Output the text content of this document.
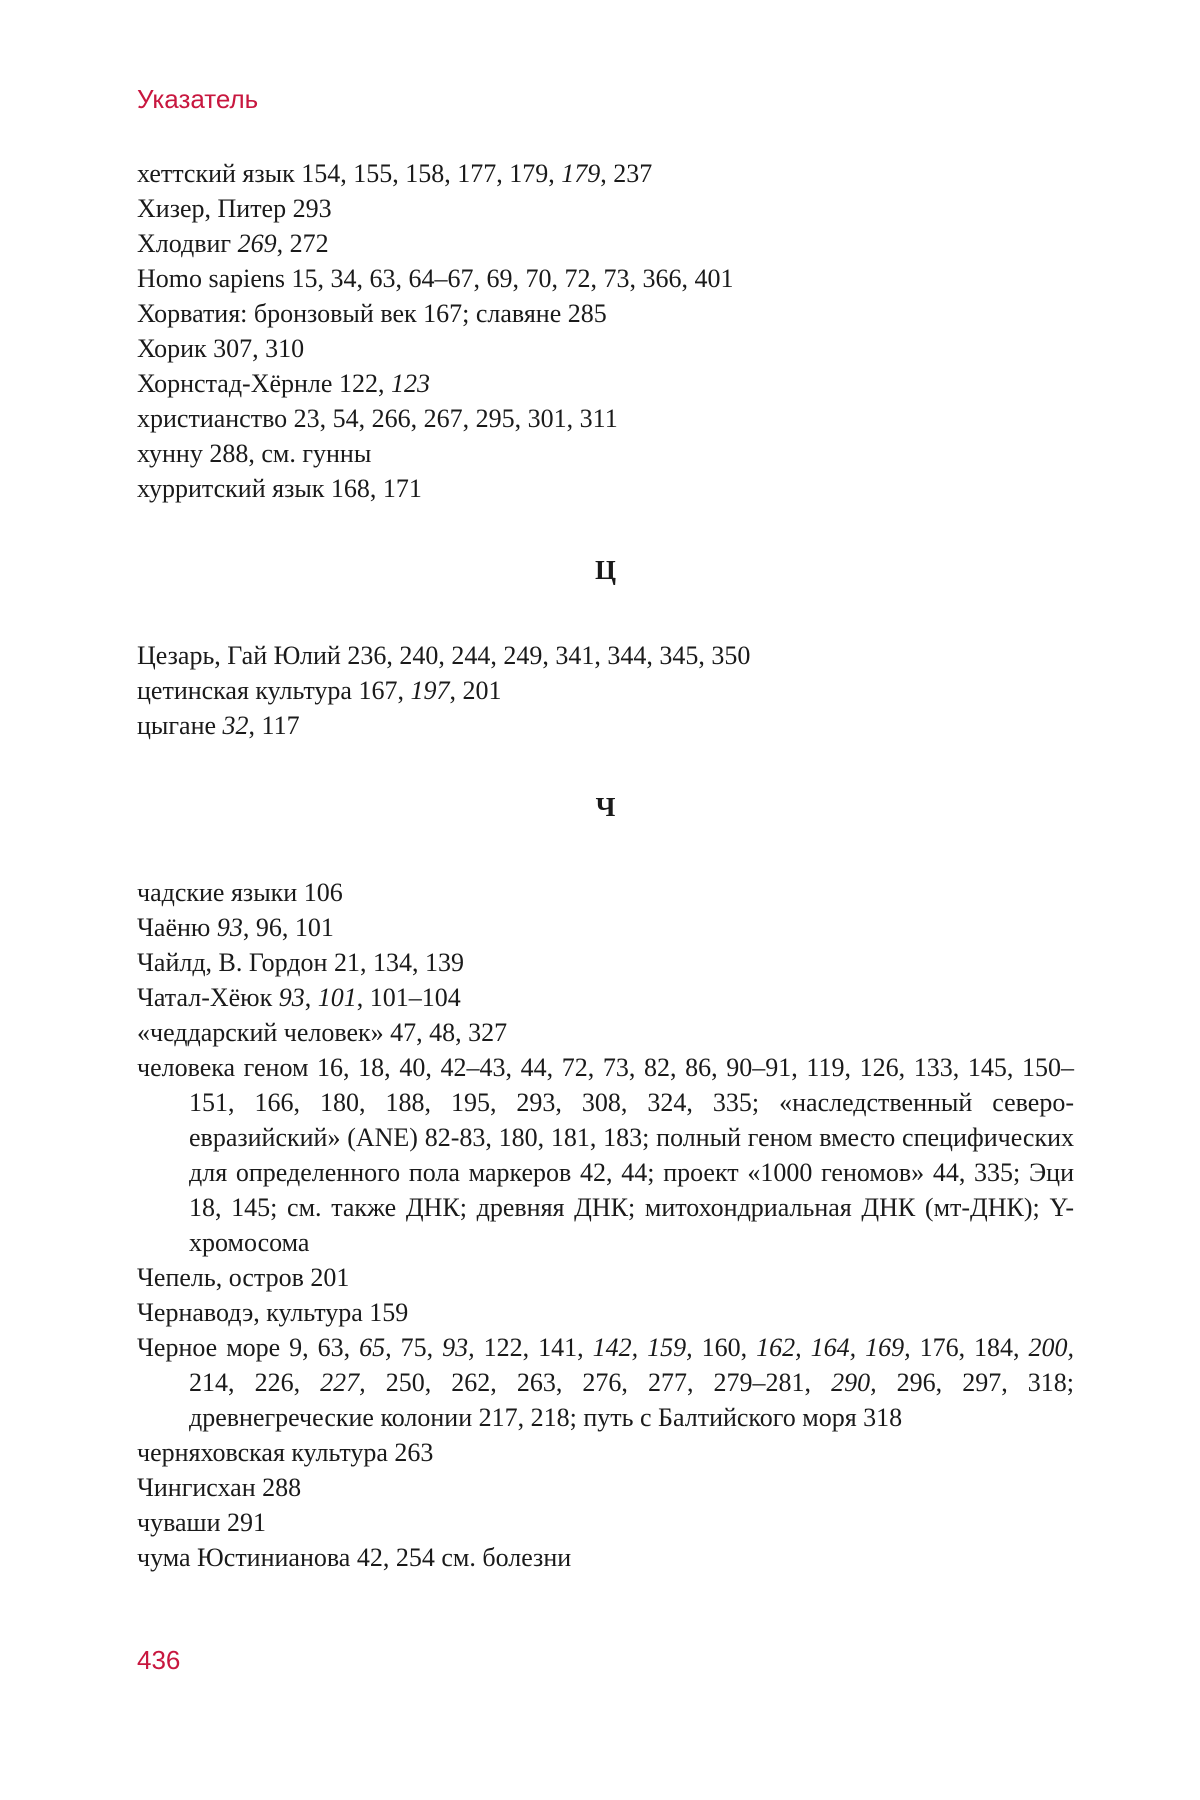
Указатель
хеттский язык 154, 155, 158, 177, 179, 179, 237
Хизер, Питер 293
Хлодвиг 269, 272
Homo sapiens 15, 34, 63, 64–67, 69, 70, 72, 73, 366, 401
Хорватия: бронзовый век 167; славяне 285
Хорик 307, 310
Хорнстад-Хёрнле 122, 123
христианство 23, 54, 266, 267, 295, 301, 311
хунну 288, см. гунны
хурритский язык 168, 171
Ц
Цезарь, Гай Юлий 236, 240, 244, 249, 341, 344, 345, 350
цетинская культура 167, 197, 201
цыгане 32, 117
Ч
чадские языки 106
Чаёню 93, 96, 101
Чайлд, В. Гордон 21, 134, 139
Чатал-Хёюк 93, 101, 101–104
«чеддарский человек» 47, 48, 327
человека геном 16, 18, 40, 42–43, 44, 72, 73, 82, 86, 90–91, 119, 126, 133, 145, 150–151, 166, 180, 188, 195, 293, 308, 324, 335; «наследственный северо-евразийский» (ANE) 82-83, 180, 181, 183; полный геном вместо специфических для определенного пола маркеров 42, 44; проект «1000 геномов» 44, 335; Эци 18, 145; см. также ДНК; древняя ДНК; митохондриальная ДНК (мт-ДНК); Y-хромосома
Чепель, остров 201
Чернаводэ, культура 159
Черное море 9, 63, 65, 75, 93, 122, 141, 142, 159, 160, 162, 164, 169, 176, 184, 200, 214, 226, 227, 250, 262, 263, 276, 277, 279–281, 290, 296, 297, 318; древнегреческие колонии 217, 218; путь с Балтийского моря 318
черняховская культура 263
Чингисхан 288
чуваши 291
чума Юстинианова 42, 254 см. болезни
436
